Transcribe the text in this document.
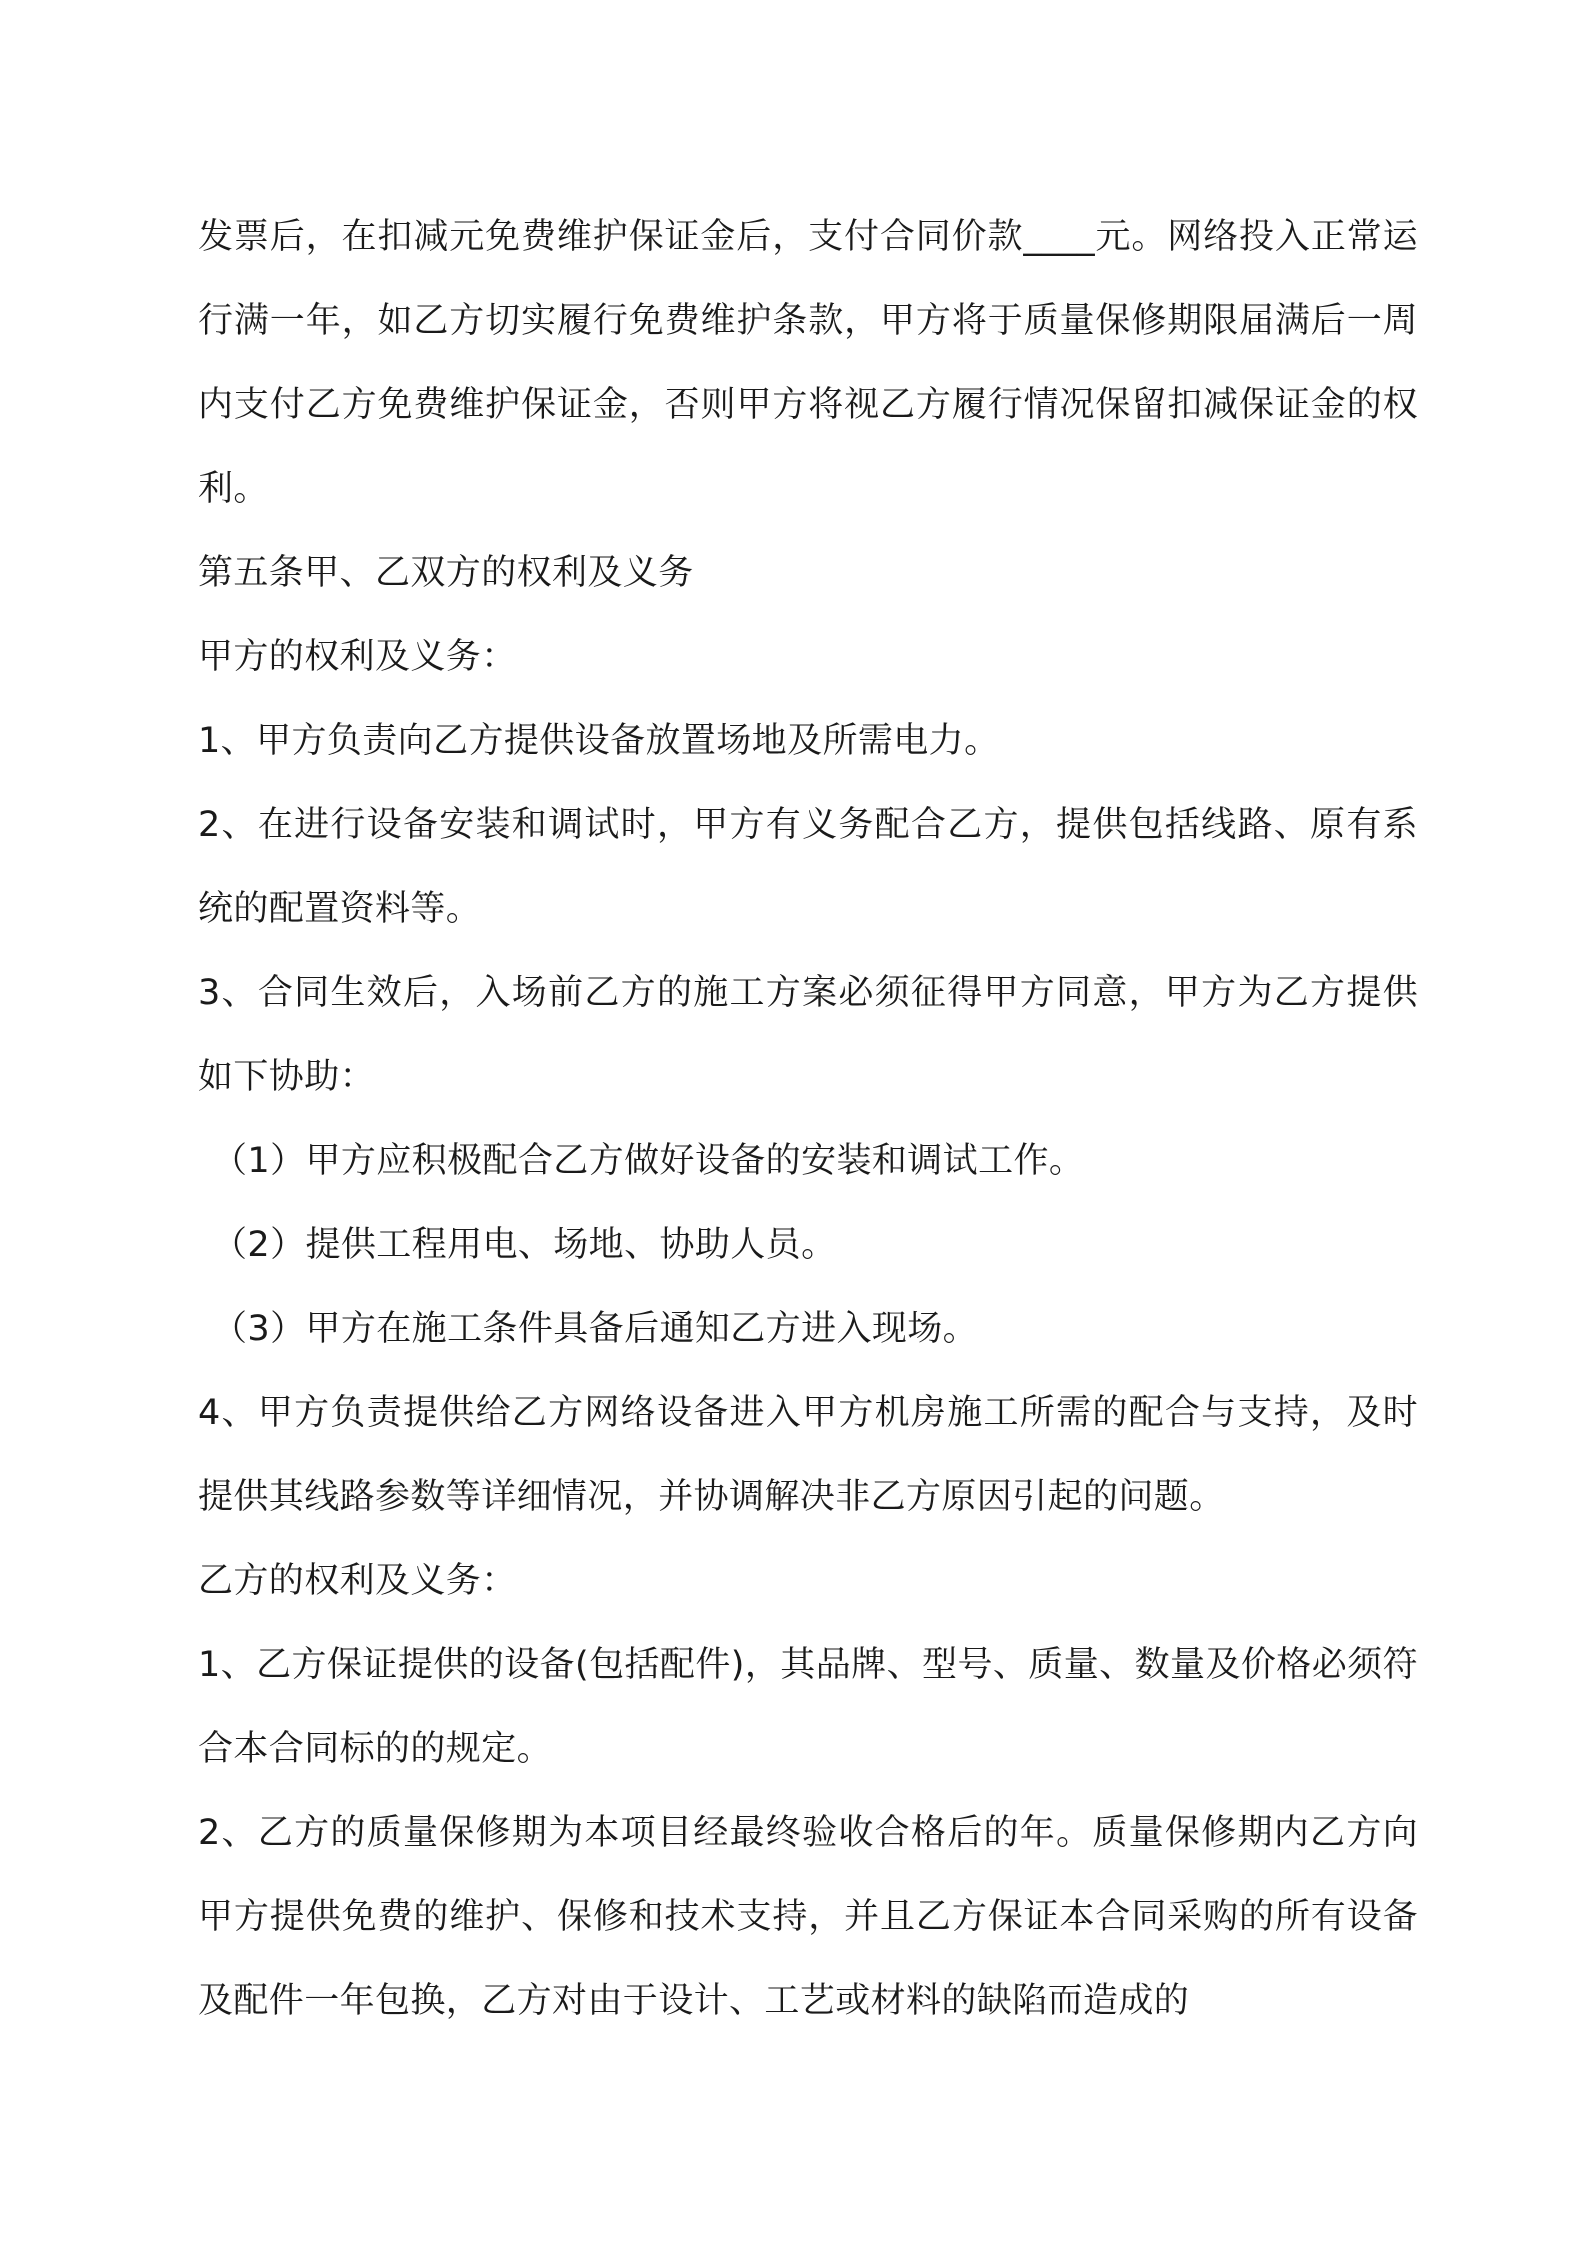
发票后，在扣减元免费维护保证金后，支付合同价款____元。网络投入正常运行满一年，如乙方切实履行免费维护条款，甲方将于质量保修期限届满后一周内支付乙方免费维护保证金，否则甲方将视乙方履行情况保留扣减保证金的权利。

第五条甲、乙双方的权利及义务

甲方的权利及义务：

1、甲方负责向乙方提供设备放置场地及所需电力。

2、在进行设备安装和调试时，甲方有义务配合乙方，提供包括线路、原有系统的配置资料等。

3、合同生效后，入场前乙方的施工方案必须征得甲方同意，甲方为乙方提供如下协助：

（1）甲方应积极配合乙方做好设备的安装和调试工作。

（2）提供工程用电、场地、协助人员。

（3）甲方在施工条件具备后通知乙方进入现场。

4、甲方负责提供给乙方网络设备进入甲方机房施工所需的配合与支持，及时提供其线路参数等详细情况，并协调解决非乙方原因引起的问题。

乙方的权利及义务：

1、乙方保证提供的设备(包括配件)，其品牌、型号、质量、数量及价格必须符合本合同标的的规定。

2、乙方的质量保修期为本项目经最终验收合格后的年。质量保修期内乙方向甲方提供免费的维护、保修和技术支持，并且乙方保证本合同采购的所有设备及配件一年包换，乙方对由于设计、工艺或材料的缺陷而造成的
